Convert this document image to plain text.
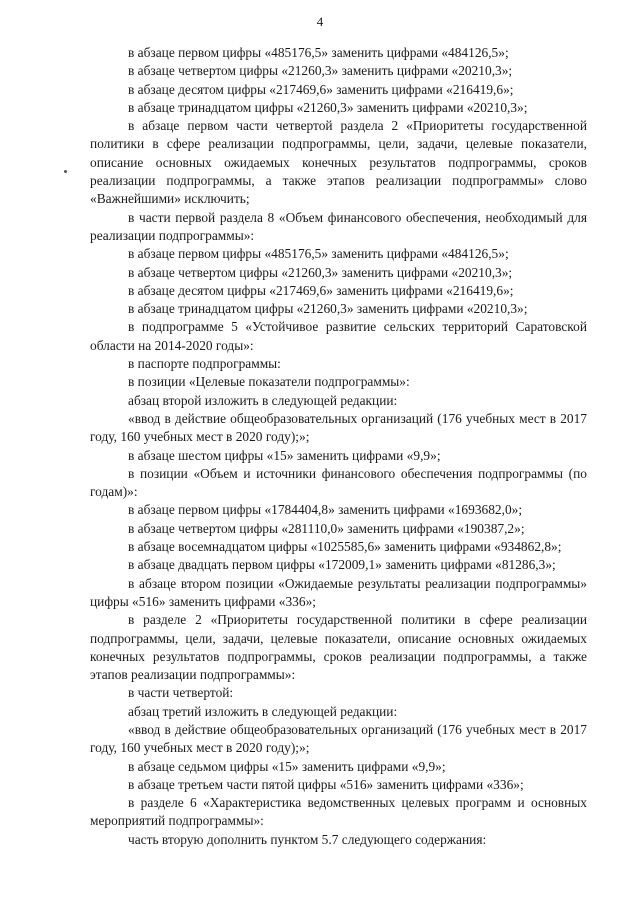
4

в абзаце первом цифры «485176,5» заменить цифрами «484126,5»;

в абзаце четвертом цифры «21260,3» заменить цифрами «20210,3»;

в абзаце десятом цифры «217469,6» заменить цифрами «216419,6»;

в абзаце тринадцатом цифры «21260,3» заменить цифрами «20210,3»;

в абзаце первом части четвертой раздела 2 «Приоритеты государственной политики в сфере реализации подпрограммы, цели, задачи, целевые показатели, описание основных ожидаемых конечных результатов подпрограммы, сроков реализации подпрограммы, а также этапов реализации подпрограммы» слово «Важнейшими» исключить;

в части первой раздела 8 «Объем финансового обеспечения, необходимый для реализации подпрограммы»:

в абзаце первом цифры «485176,5» заменить цифрами «484126,5»;

в абзаце четвертом цифры «21260,3» заменить цифрами «20210,3»;

в абзаце десятом цифры «217469,6» заменить цифрами «216419,6»;

в абзаце тринадцатом цифры «21260,3» заменить цифрами «20210,3»;

в подпрограмме 5 «Устойчивое развитие сельских территорий Саратовской области на 2014-2020 годы»:

в паспорте подпрограммы:

в позиции «Целевые показатели подпрограммы»:

абзац второй изложить в следующей редакции:

«ввод в действие общеобразовательных организаций (176 учебных мест в 2017 году, 160 учебных мест в 2020 году);»;

в абзаце шестом цифры «15» заменить цифрами «9,9»;

в позиции «Объем и источники финансового обеспечения подпрограммы (по годам)»:

в абзаце первом цифры «1784404,8» заменить цифрами «1693682,0»;

в абзаце четвертом цифры «281110,0» заменить цифрами «190387,2»;

в абзаце восемнадцатом цифры «1025585,6» заменить цифрами «934862,8»;

в абзаце двадцать первом цифры «172009,1» заменить цифрами «81286,3»;

в абзаце втором позиции «Ожидаемые результаты реализации подпрограммы» цифры «516» заменить цифрами «336»;

в разделе 2 «Приоритеты государственной политики в сфере реализации подпрограммы, цели, задачи, целевые показатели, описание основных ожидаемых конечных результатов подпрограммы, сроков реализации подпрограммы, а также этапов реализации подпрограммы»:

в части четвертой:

абзац третий изложить в следующей редакции:

«ввод в действие общеобразовательных организаций (176 учебных мест в 2017 году, 160 учебных мест в 2020 году);»;

в абзаце седьмом цифры «15» заменить цифрами «9,9»;

в абзаце третьем части пятой цифры «516» заменить цифрами «336»;

в разделе 6 «Характеристика ведомственных целевых программ и основных мероприятий подпрограммы»:

часть вторую дополнить пунктом 5.7 следующего содержания:
